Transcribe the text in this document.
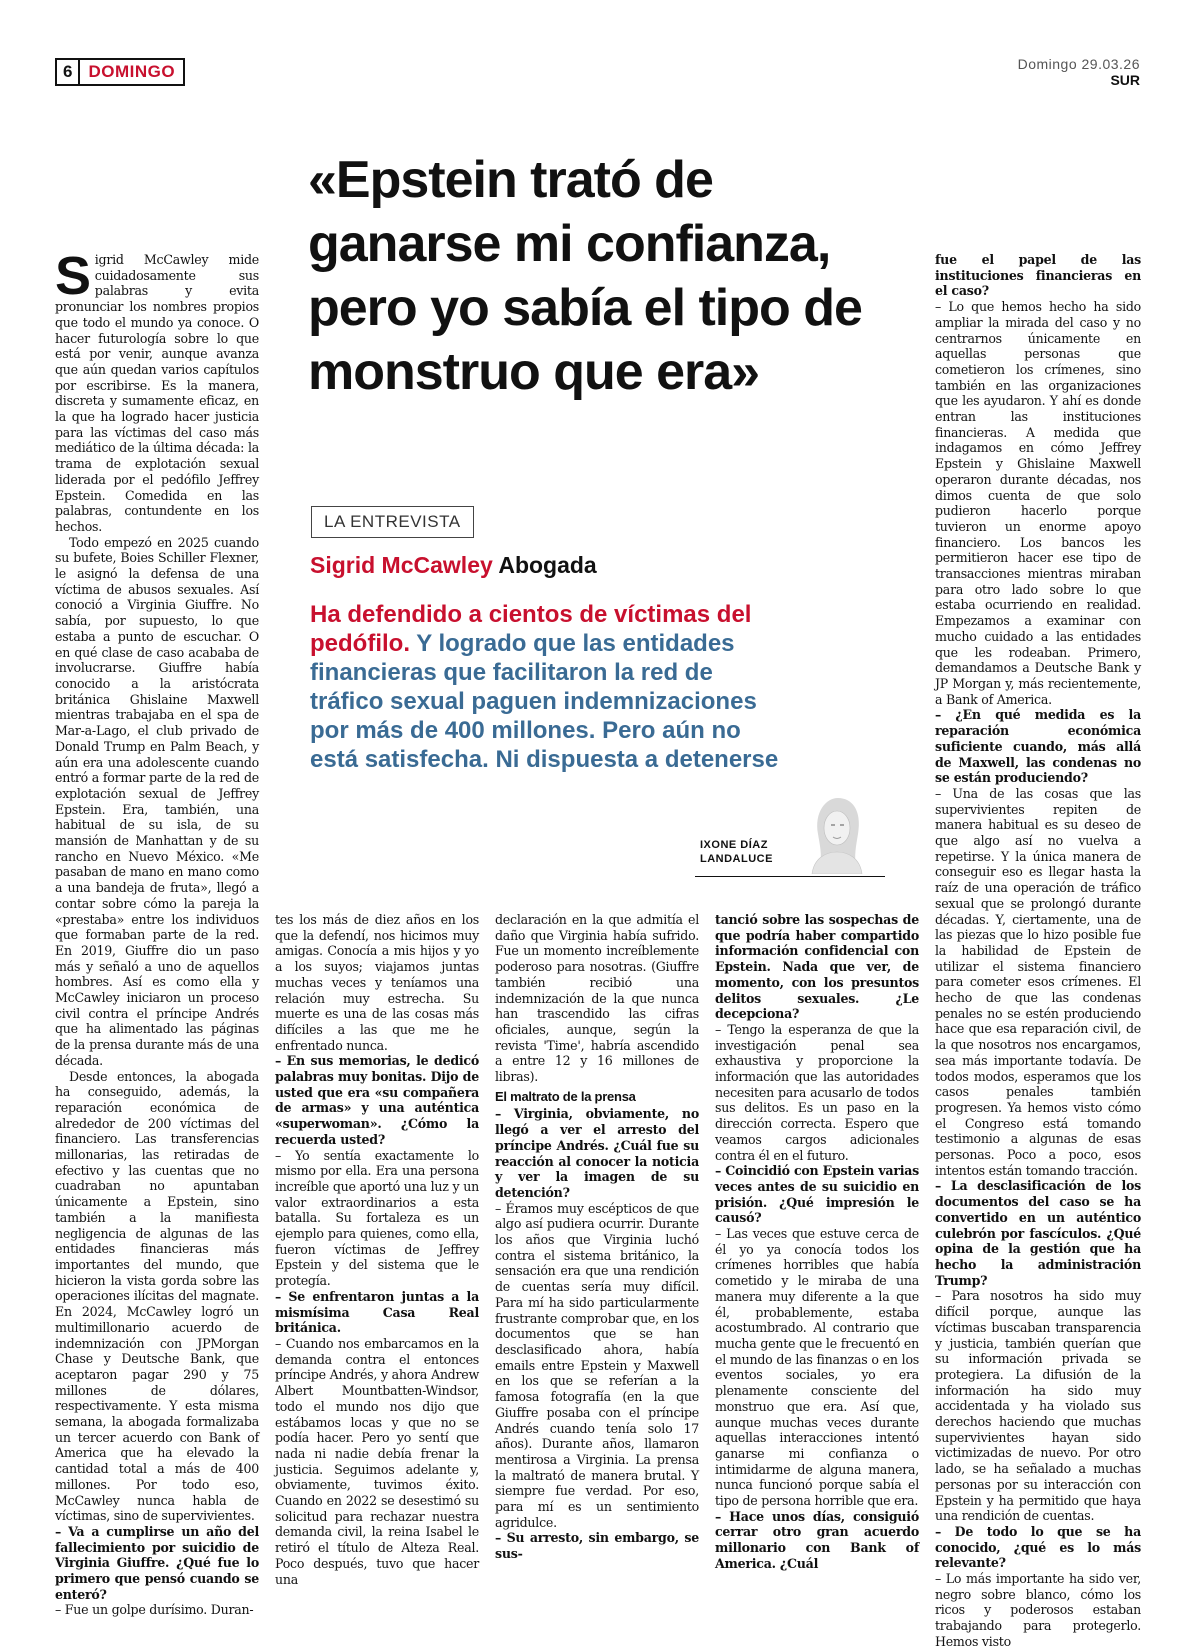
6 DOMINGO	Domingo 29.03.26
SUR
«Epstein trató de ganarse mi confianza, pero yo sabía el tipo de monstruo que era»
LA ENTREVISTA
Sigrid McCawley Abogada

Ha defendido a cientos de víctimas del pedófilo. Y logrado que las entidades financieras que facilitaron la red de tráfico sexual paguen indemnizaciones por más de 400 millones. Pero aún no está satisfecha. Ni dispuesta a detenerse

IXONE DÍAZ
LANDALUCE

Sigrid McCawley mide cuidadosamente sus palabras y evita pronunciar los nombres propios que todo el mundo ya conoce. O hacer futurología sobre lo que está por venir, aunque avanza que aún quedan varios capítulos por escribirse. Es la manera, discreta y sumamente eficaz, en la que ha logrado hacer justicia para las víctimas del caso más mediático de la última década: la trama de explotación sexual liderada por el pedófilo Jeffrey Epstein. Comedida en las palabras, contundente en los hechos.

Todo empezó en 2025 cuando su bufete, Boies Schiller Flexner, le asignó la defensa de una víctima de abusos sexuales. Así conoció a Virginia Giuffre. No sabía, por supuesto, lo que estaba a punto de escuchar. O en qué clase de caso acababa de involucrarse. Giuffre había conocido a la aristócrata británica Ghislaine Maxwell mientras trabajaba en el spa de Mar-a-Lago, el club privado de Donald Trump en Palm Beach, y aún era una adolescente cuando entró a formar parte de la red de explotación sexual de Jeffrey Epstein. Era, también, una habitual de su isla, de su mansión de Manhattan y de su rancho en Nuevo México. «Me pasaban de mano en mano como a una bandeja de fruta», llegó a contar sobre cómo la pareja la «prestaba» entre los individuos que formaban parte de la red. En 2019, Giuffre dio un paso más y señaló a uno de aquellos hombres. Así es como ella y McCawley iniciaron un proceso civil contra el príncipe Andrés que ha alimentado las páginas de la prensa durante más de una década.

Desde entonces, la abogada ha conseguido, además, la reparación económica de alrededor de 200 víctimas del financiero. Las transferencias millonarias, las retiradas de efectivo y las cuentas que no cuadraban no apuntaban únicamente a Epstein, sino también a la manifiesta negligencia de algunas de las entidades financieras más importantes del mundo, que hicieron la vista gorda sobre las operaciones ilícitas del magnate. En 2024, McCawley logró un multimillonario acuerdo de indemnización con JPMorgan Chase y Deutsche Bank, que aceptaron pagar 290 y 75 millones de dólares, respectivamente. Y esta misma semana, la abogada formalizaba un tercer acuerdo con Bank of America que ha elevado la cantidad total a más de 400 millones. Por todo eso, McCawley nunca habla de víctimas, sino de supervivientes.

– Va a cumplirse un año del fallecimiento por suicidio de Virginia Giuffre. ¿Qué fue lo primero que pensó cuando se enteró?

– Fue un golpe durísimo. Duran-

tes los más de diez años en los que la defendí, nos hicimos muy amigas. Conocía a mis hijos y yo a los suyos; viajamos juntas muchas veces y teníamos una relación muy estrecha. Su muerte es una de las cosas más difíciles a las que me he enfrentado nunca.

– En sus memorias, le dedicó palabras muy bonitas. Dijo de usted que era «su compañera de armas» y una auténtica «superwoman». ¿Cómo la recuerda usted?

– Yo sentía exactamente lo mismo por ella. Era una persona increíble que aportó una luz y un valor extraordinarios a esta batalla. Su fortaleza es un ejemplo para quienes, como ella, fueron víctimas de Jeffrey Epstein y del sistema que le protegía.

– Se enfrentaron juntas a la mismísima Casa Real británica.

– Cuando nos embarcamos en la demanda contra el entonces príncipe Andrés, y ahora Andrew Albert Mountbatten-Windsor, todo el mundo nos dijo que estábamos locas y que no se podía hacer. Pero yo sentí que nada ni nadie debía frenar la justicia. Seguimos adelante y, obviamente, tuvimos éxito. Cuando en 2022 se desestimó su solicitud para rechazar nuestra demanda civil, la reina Isabel le retiró el título de Alteza Real. Poco después, tuvo que hacer una

declaración en la que admitía el daño que Virginia había sufrido. Fue un momento increíblemente poderoso para nosotras. (Giuffre también recibió una indemnización de la que nunca han trascendido las cifras oficiales, aunque, según la revista 'Time', habría ascendido a entre 12 y 16 millones de libras).

El maltrato de la prensa

– Virginia, obviamente, no llegó a ver el arresto del príncipe Andrés. ¿Cuál fue su reacción al conocer la noticia y ver la imagen de su detención?

– Éramos muy escépticos de que algo así pudiera ocurrir. Durante los años que Virginia luchó contra el sistema británico, la sensación era que una rendición de cuentas sería muy difícil. Para mí ha sido particularmente frustrante comprobar que, en los documentos que se han desclasificado ahora, había emails entre Epstein y Maxwell en los que se referían a la famosa fotografía (en la que Giuffre posaba con el príncipe Andrés cuando tenía solo 17 años). Durante años, llamaron mentirosa a Virginia. La prensa la maltrató de manera brutal. Y siempre fue verdad. Por eso, para mí es un sentimiento agridulce.

– Su arresto, sin embargo, se sus-

tanció sobre las sospechas de que podría haber compartido información confidencial con Epstein. Nada que ver, de momento, con los presuntos delitos sexuales. ¿Le decepciona?

– Tengo la esperanza de que la investigación penal sea exhaustiva y proporcione la información que las autoridades necesiten para acusarlo de todos sus delitos. Es un paso en la dirección correcta. Espero que veamos cargos adicionales contra él en el futuro.

– Coincidió con Epstein varias veces antes de su suicidio en prisión. ¿Qué impresión le causó?

– Las veces que estuve cerca de él yo ya conocía todos los crímenes horribles que había cometido y le miraba de una manera muy diferente a la que él, probablemente, estaba acostumbrado. Al contrario que mucha gente que le frecuentó en el mundo de las finanzas o en los eventos sociales, yo era plenamente consciente del monstruo que era. Así que, aunque muchas veces durante aquellas interacciones intentó ganarse mi confianza o intimidarme de alguna manera, nunca funcionó porque sabía el tipo de persona horrible que era.

– Hace unos días, consiguió cerrar otro gran acuerdo millonario con Bank of America. ¿Cuál

fue el papel de las instituciones financieras en el caso?

– Lo que hemos hecho ha sido ampliar la mirada del caso y no centrarnos únicamente en aquellas personas que cometieron los crímenes, sino también en las organizaciones que les ayudaron. Y ahí es donde entran las instituciones financieras. A medida que indagamos en cómo Jeffrey Epstein y Ghislaine Maxwell operaron durante décadas, nos dimos cuenta de que solo pudieron hacerlo porque tuvieron un enorme apoyo financiero. Los bancos les permitieron hacer ese tipo de transacciones mientras miraban para otro lado sobre lo que estaba ocurriendo en realidad. Empezamos a examinar con mucho cuidado a las entidades que les rodeaban. Primero, demandamos a Deutsche Bank y JP Morgan y, más recientemente, a Bank of America.

– ¿En qué medida es la reparación económica suficiente cuando, más allá de Maxwell, las condenas no se están produciendo?

– Una de las cosas que las supervivientes repiten de manera habitual es su deseo de que algo así no vuelva a repetirse. Y la única manera de conseguir eso es llegar hasta la raíz de una operación de tráfico sexual que se prolongó durante décadas. Y, ciertamente, una de las piezas que lo hizo posible fue la habilidad de Epstein de utilizar el sistema financiero para cometer esos crímenes. El hecho de que las condenas penales no se estén produciendo hace que esa reparación civil, de la que nosotros nos encargamos, sea más importante todavía. De todos modos, esperamos que los casos penales también progresen. Ya hemos visto cómo el Congreso está tomando testimonio a algunas de esas personas. Poco a poco, esos intentos están tomando tracción.

– La desclasificación de los documentos del caso se ha convertido en un auténtico culebrón por fascículos. ¿Qué opina de la gestión que ha hecho la administración Trump?

– Para nosotros ha sido muy difícil porque, aunque las víctimas buscaban transparencia y justicia, también querían que su información privada se protegiera. La difusión de la información ha sido muy accidentada y ha violado sus derechos haciendo que muchas supervivientes hayan sido victimizadas de nuevo. Por otro lado, se ha señalado a muchas personas por su interacción con Epstein y ha permitido que haya una rendición de cuentas.

– De todo lo que se ha conocido, ¿qué es lo más relevante?

– Lo más importante ha sido ver, negro sobre blanco, cómo los ricos y poderosos estaban trabajando para protegerlo. Hemos visto
